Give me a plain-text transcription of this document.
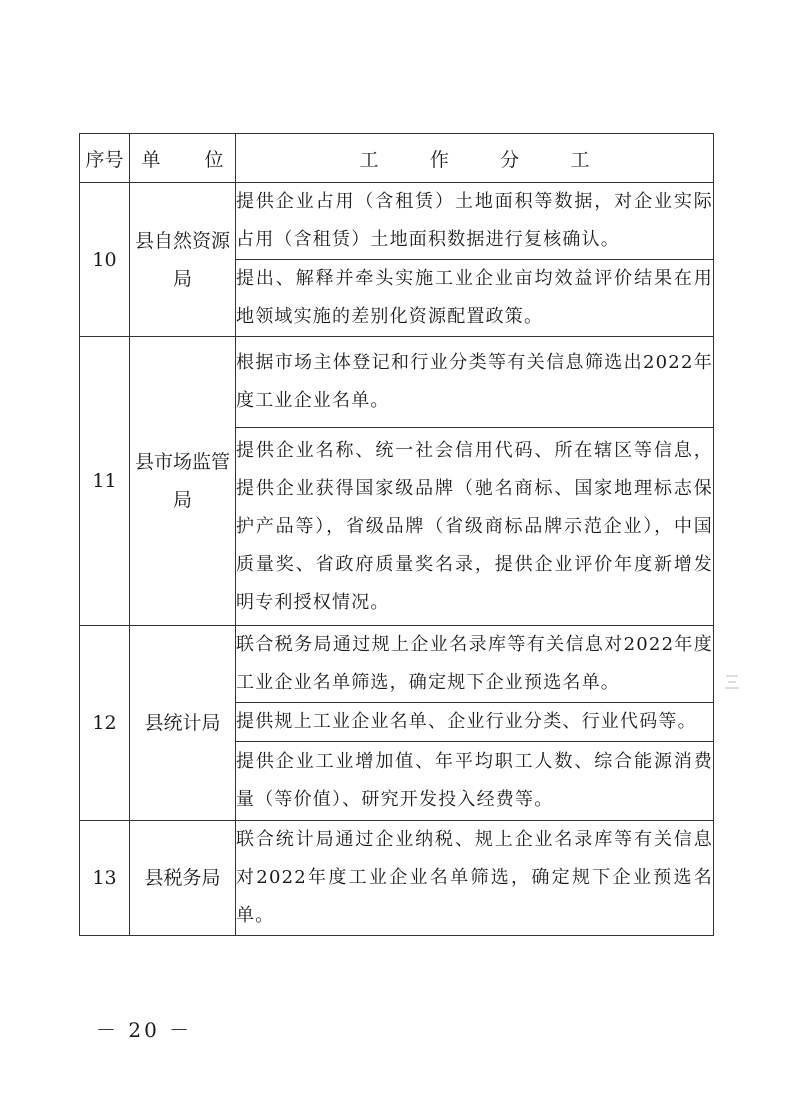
序号	单　位	工　作　分　工
10	县自然资源局	提供企业占用（含租赁）土地面积等数据，对企业实际占用（含租赁）土地面积数据进行复核确认。
		提出、解释并牵头实施工业企业亩均效益评价结果在用地领域实施的差别化资源配置政策。
11	县市场监管局	根据市场主体登记和行业分类等有关信息筛选出2022年度工业企业名单。
		提供企业名称、统一社会信用代码、所在辖区等信息，提供企业获得国家级品牌（驰名商标、国家地理标志保护产品等），省级品牌（省级商标品牌示范企业），中国质量奖、省政府质量奖名录，提供企业评价年度新增发明专利授权情况。
12	县统计局	联合税务局通过规上企业名录库等有关信息对2022年度工业企业名单筛选，确定规下企业预选名单。
		提供规上工业企业名单、企业行业分类、行业代码等。
		提供企业工业增加值、年平均职工人数、综合能源消费量（等价值）、研究开发投入经费等。
13	县税务局	联合统计局通过企业纳税、规上企业名录库等有关信息对2022年度工业企业名单筛选，确定规下企业预选名单。
－ 20 －
